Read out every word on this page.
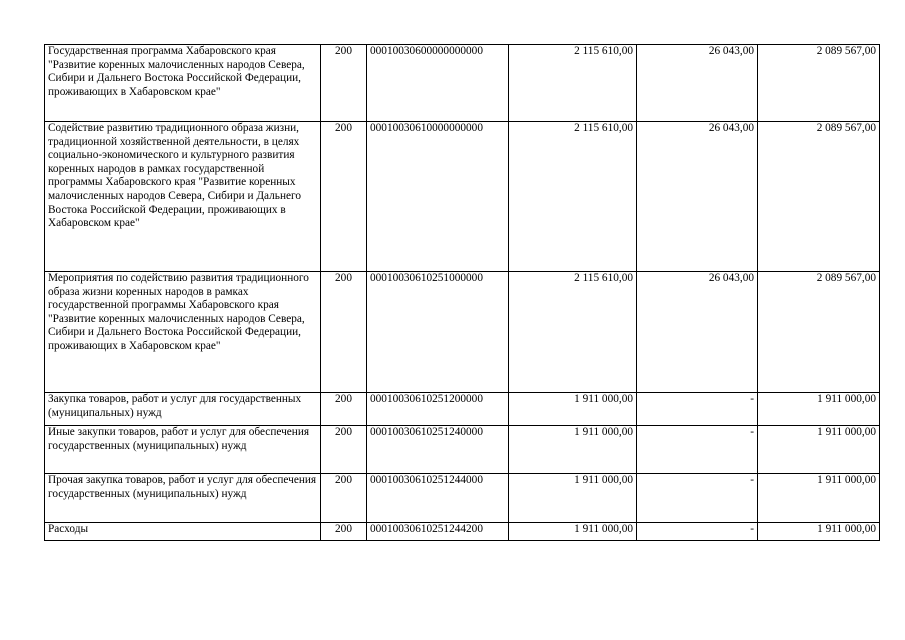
Государственная программа Хабаровского края "Развитие коренных малочисленных народов Севера, Сибири и Дальнего Востока Российской Федерации, проживающих в Хабаровском крае"	200	00010030600000000000	2 115 610,00	26 043,00	2 089 567,00
Содействие развитию традиционного образа жизни, традиционной хозяйственной деятельности, в целях социально-экономического и культурного развития коренных народов в рамках государственной программы Хабаровского края "Развитие коренных малочисленных народов Севера, Сибири и Дальнего Востока Российской Федерации, проживающих в Хабаровском крае"	200	00010030610000000000	2 115 610,00	26 043,00	2 089 567,00
Мероприятия по содействию развития традиционного образа жизни коренных народов в рамках государственной программы Хабаровского края "Развитие коренных малочисленных народов Севера, Сибири и Дальнего Востока Российской Федерации, проживающих в Хабаровском крае"	200	00010030610251000000	2 115 610,00	26 043,00	2 089 567,00
Закупка товаров, работ и услуг для государственных (муниципальных) нужд	200	00010030610251200000	1 911 000,00	-	1 911 000,00
Иные закупки товаров, работ и услуг для обеспечения государственных (муниципальных) нужд	200	00010030610251240000	1 911 000,00	-	1 911 000,00
Прочая закупка товаров, работ и услуг для обеспечения государственных (муниципальных) нужд	200	00010030610251244000	1 911 000,00	-	1 911 000,00
Расходы	200	00010030610251244200	1 911 000,00	-	1 911 000,00
